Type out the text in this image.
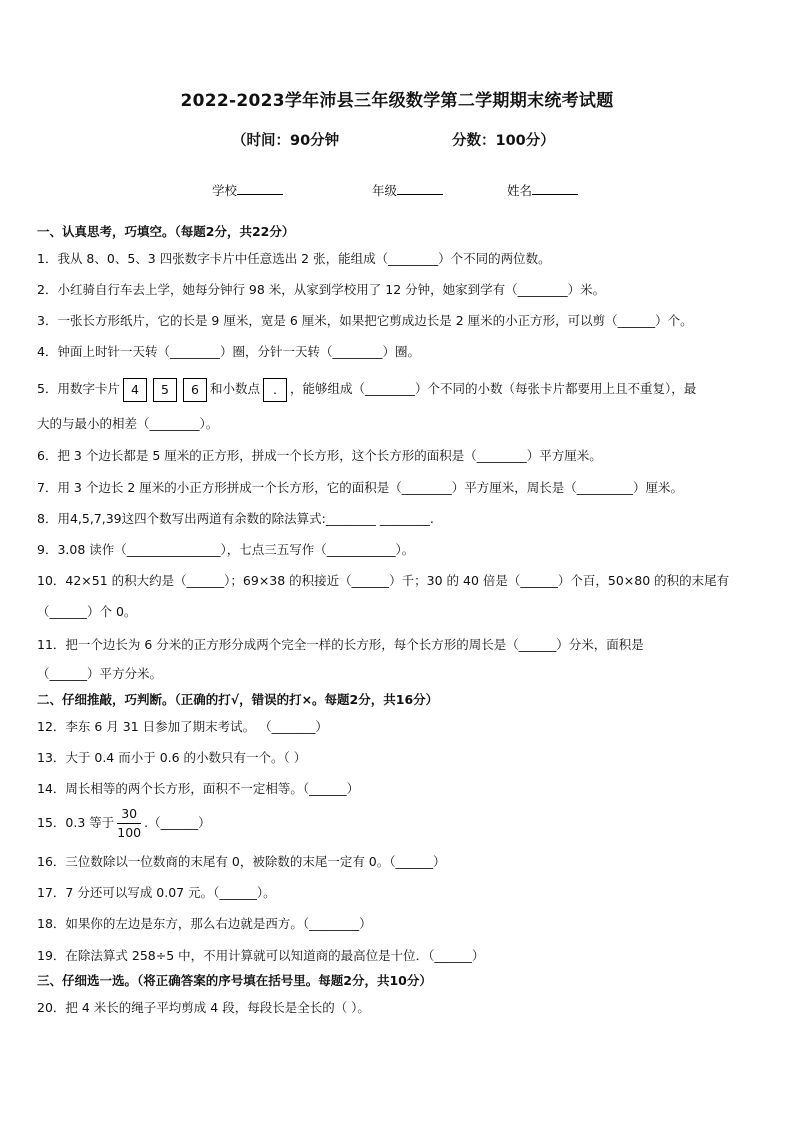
2022-2023学年沛县三年级数学第二学期期末统考试题
（时间：90分钟	分数：100分）
学校	年级	姓名
一、认真思考，巧填空。（每题2分，共22分）
1．我从 8、0、5、3 四张数字卡片中任意选出 2 张，能组成（________）个不同的两位数。
2．小红骑自行车去上学，她每分钟行 98 米，从家到学校用了 12 分钟，她家到学有（________）米。
3．一张长方形纸片，它的长是 9 厘米，宽是 6 厘米，如果把它剪成边长是 2 厘米的小正方形，可以剪（______）个。
4．钟面上时针一天转（________）圈，分针一天转（________）圈。
5．用数字卡片 4 5 6 和小数点 . ，能够组成（________）个不同的小数（每张卡片都要用上且不重复），最
大的与最小的相差（________）。
6．把 3 个边长都是 5 厘米的正方形，拼成一个长方形，这个长方形的面积是（________）平方厘米。
7．用 3 个边长 2 厘米的小正方形拼成一个长方形，它的面积是（________）平方厘米，周长是（_________）厘米。
8．用4,5,7,39这四个数写出两道有余数的除法算式:________ ________.
9．3.08 读作（_______________），七点三五写作（___________）。
10．42×51 的积大约是（______）；69×38 的积接近（______）千；30 的 40 倍是（______）个百，50×80 的积的末尾有
（______）个 0。
11．把一个边长为 6 分米的正方形分成两个完全一样的长方形，每个长方形的周长是（______）分米，面积是
（______）平方分米。
二、仔细推敲，巧判断。（正确的打√，错误的打×。每题2分，共16分）
12．李东 6 月 31 日参加了期末考试。 （_______）
13．大于 0.4 而小于 0.6 的小数只有一个。（ ）
14．周长相等的两个长方形，面积不一定相等。（______）
15．0.3 等于 $\frac{30}{100}$ .（______）
16．三位数除以一位数商的末尾有 0，被除数的末尾一定有 0。（______）
17．7 分还可以写成 0.07 元。（______）。
18．如果你的左边是东方，那么右边就是西方。（________）
19．在除法算式 258÷5 中，不用计算就可以知道商的最高位是十位．（______）
三、仔细选一选。（将正确答案的序号填在括号里。每题2分，共10分）
20．把 4 米长的绳子平均剪成 4 段，每段长是全长的（ ）。
